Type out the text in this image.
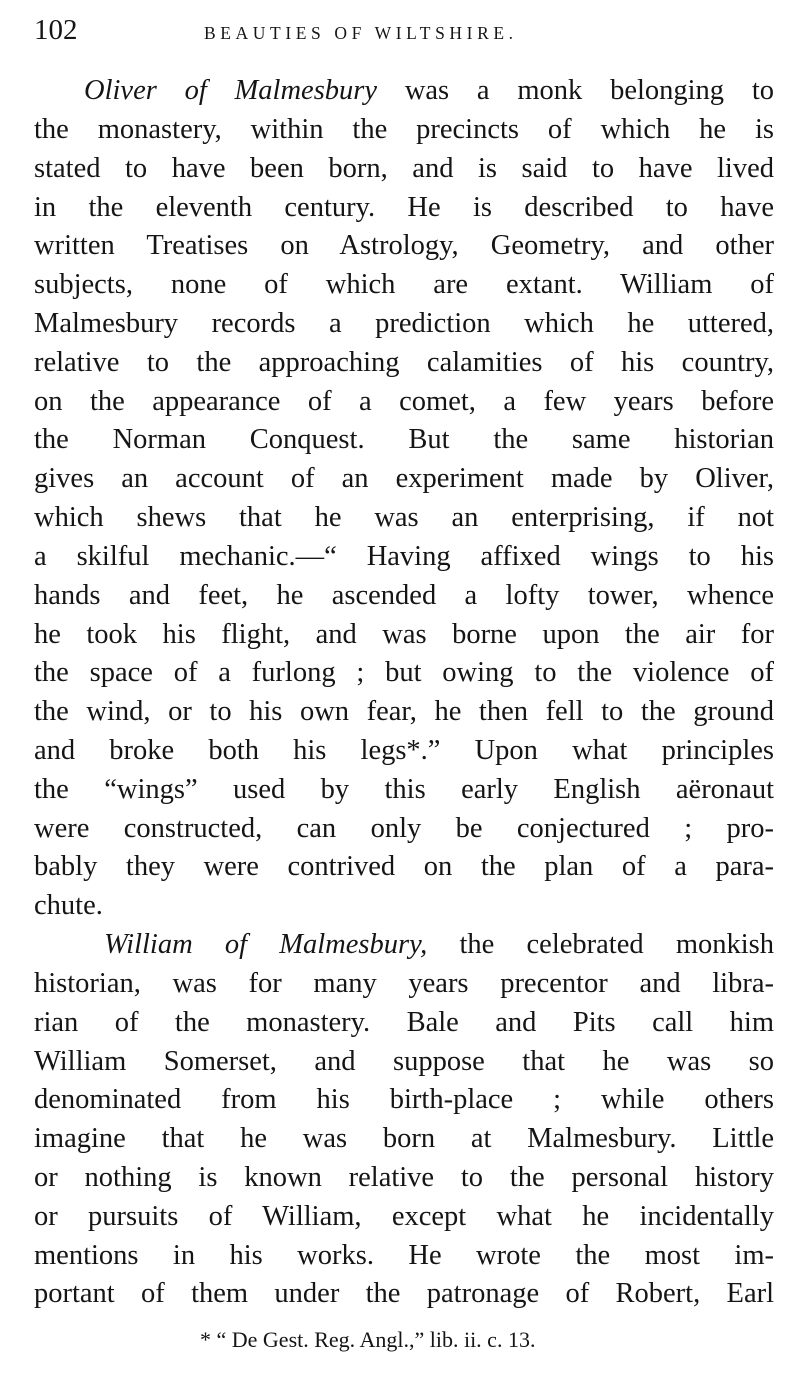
102	BEAUTIES OF WILTSHIRE.
Oliver of Malmesbury was a monk belonging to
the monastery, within the precincts of which he is
stated to have been born, and is said to have lived
in the eleventh century. He is described to have
written Treatises on Astrology, Geometry, and other
subjects, none of which are extant. William of
Malmesbury records a prediction which he uttered,
relative to the approaching calamities of his country,
on the appearance of a comet, a few years before
the Norman Conquest. But the same historian
gives an account of an experiment made by Oliver,
which shews that he was an enterprising, if not
a skilful mechanic.—“ Having affixed wings to his
hands and feet, he ascended a lofty tower, whence
he took his flight, and was borne upon the air for
the space of a furlong ; but owing to the violence of
the wind, or to his own fear, he then fell to the ground
and broke both his legs*.” Upon what principles
the “wings” used by this early English aëronaut
were constructed, can only be conjectured ; pro-
bably they were contrived on the plan of a para-
chute.
William of Malmesbury, the celebrated monkish
historian, was for many years precentor and libra-
rian of the monastery. Bale and Pits call him
William Somerset, and suppose that he was so
denominated from his birth-place ; while others
imagine that he was born at Malmesbury. Little
or nothing is known relative to the personal history
or pursuits of William, except what he incidentally
mentions in his works. He wrote the most im-
portant of them under the patronage of Robert, Earl
* “ De Gest. Reg. Angl.,” lib. ii. c. 13.
